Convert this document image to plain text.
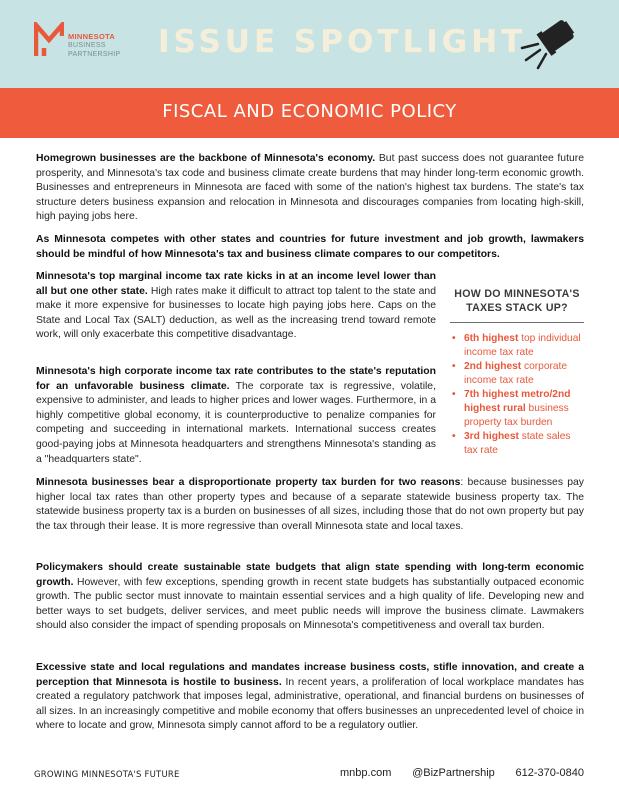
MINNESOTA
BUSINESS
PARTNERSHIP ISSUE SPOTLIGHT
FISCAL AND ECONOMIC POLICY

Homegrown businesses are the backbone of Minnesota's economy. But past success does not guarantee future prosperity, and Minnesota's tax code and business climate create burdens that may hinder long-term economic growth. Businesses and entrepreneurs in Minnesota are faced with some of the nation's highest tax burdens. The state's tax structure deters business expansion and relocation in Minnesota and discourages companies from locating high-skill, high paying jobs here.

As Minnesota competes with other states and countries for future investment and job growth, lawmakers should be mindful of how Minnesota's tax and business climate compares to our competitors.

Minnesota's top marginal income tax rate kicks in at an income level lower than all but one other state. High rates make it difficult to attract top talent to the state and make it more expensive for businesses to locate high paying jobs here. Caps on the State and Local Tax (SALT) deduction, as well as the increasing trend toward remote work, will only exacerbate this competitive disadvantage.

Minnesota's high corporate income tax rate contributes to the state's reputation for an unfavorable business climate. The corporate tax is regressive, volatile, expensive to administer, and leads to higher prices and lower wages. Furthermore, in a highly competitive global economy, it is counterproductive to penalize companies for competing and succeeding in international markets. International success creates good-paying jobs at Minnesota headquarters and strengthens Minnesota's standing as a "headquarters state".

Minnesota businesses bear a disproportionate property tax burden for two reasons: because businesses pay higher local tax rates than other property types and because of a separate statewide business property tax. The statewide business property tax is a burden on businesses of all sizes, including those that do not own property but pay the tax through their lease. It is more regressive than overall Minnesota state and local taxes.

Policymakers should create sustainable state budgets that align state spending with long-term economic growth. However, with few exceptions, spending growth in recent state budgets has substantially outpaced economic growth. The public sector must innovate to maintain essential services and a high quality of life. Developing new and better ways to set budgets, deliver services, and meet public needs will improve the business climate. Lawmakers should also consider the impact of spending proposals on Minnesota's competitiveness and overall tax burden.

Excessive state and local regulations and mandates increase business costs, stifle innovation, and create a perception that Minnesota is hostile to business. In recent years, a proliferation of local workplace mandates has created a regulatory patchwork that imposes legal, administrative, operational, and financial burdens on businesses of all sizes. In an increasingly competitive and mobile economy that offers businesses an unprecedented level of choice in where to locate and grow, Minnesota simply cannot afford to be a regulatory outlier.

HOW DO MINNESOTA'S TAXES STACK UP?
• 6th highest top individual income tax rate
• 2nd highest corporate income tax rate
• 7th highest metro/2nd highest rural business property tax burden
• 3rd highest state sales tax rate
GROWING MINNESOTA'S FUTURE	mnbp.com @BizPartnership 612-370-0840
